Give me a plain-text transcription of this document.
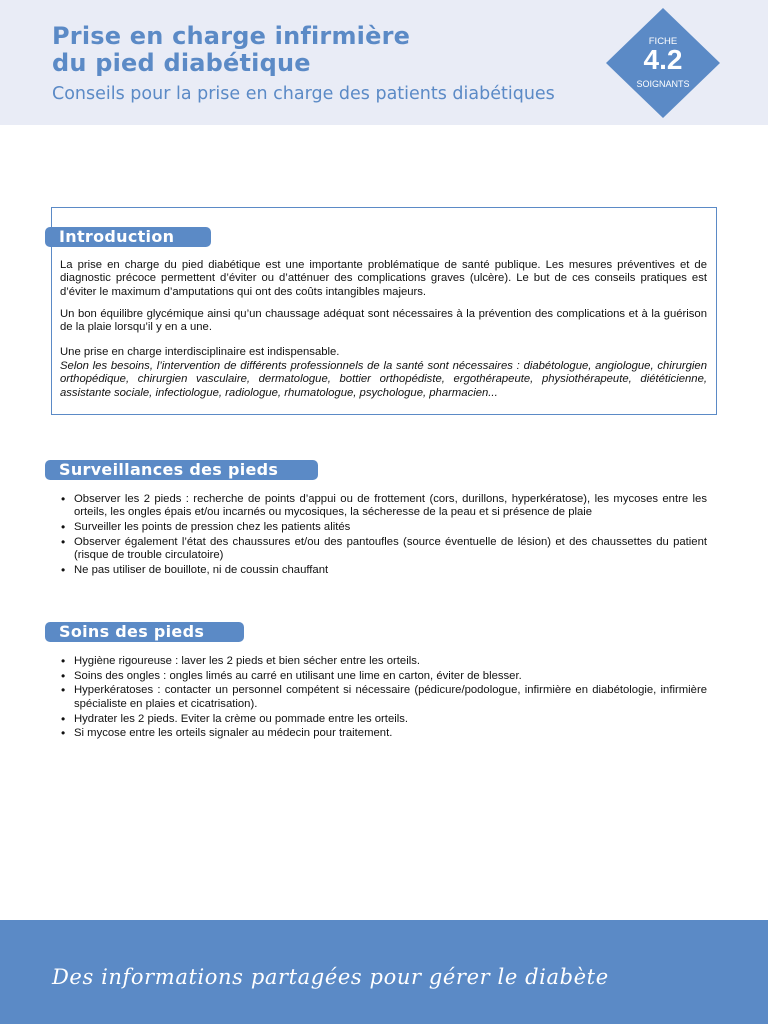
Prise en charge infirmière
du pied diabétique
Conseils pour la prise en charge des patients diabétiques
FICHE
4.2
SOIGNANTS
Introduction
La prise en charge du pied diabétique est une importante problématique de santé publique. Les mesures préventives et de diagnostic précoce permettent d’éviter ou d’atténuer des complications graves (ulcère). Le but de ces conseils pratiques est d’éviter le maximum d’amputations qui ont des coûts intangibles majeurs.
Un bon équilibre glycémique ainsi qu’un chaussage adéquat sont nécessaires à la prévention des complications et à la guérison de la plaie lorsqu’il y en a une.
Une prise en charge interdisciplinaire est indispensable.
Selon les besoins, l’intervention de différents professionnels de la santé sont nécessaires : diabétologue, angiologue, chirurgien orthopédique, chirurgien vasculaire, dermatologue, bottier orthopédiste, ergothérapeute, physiothérapeute, diététicienne, assistante sociale, infectiologue, radiologue, rhumatologue, psychologue, pharmacien...
Surveillances des pieds
• Observer les 2 pieds : recherche de points d’appui ou de frottement (cors, durillons, hyperkératose), les mycoses entre les orteils, les ongles épais et/ou incarnés ou mycosiques, la sécheresse de la peau et si présence de plaie
• Surveiller les points de pression chez les patients alités
• Observer également l’état des chaussures et/ou des pantoufles (source éventuelle de lésion) et des chaussettes du patient (risque de trouble circulatoire)
• Ne pas utiliser de bouillote, ni de coussin chauffant
Soins des pieds
• Hygiène rigoureuse : laver les 2 pieds et bien sécher entre les orteils.
• Soins des ongles : ongles limés au carré en utilisant une lime en carton, éviter de blesser.
• Hyperkératoses : contacter un personnel compétent si nécessaire (pédicure/podologue, infirmière en diabétologie, infirmière spécialiste en plaies et cicatrisation).
• Hydrater les 2 pieds. Eviter la crème ou pommade entre les orteils.
• Si mycose entre les orteils signaler au médecin pour traitement.
Des informations partagées pour gérer le diabète
